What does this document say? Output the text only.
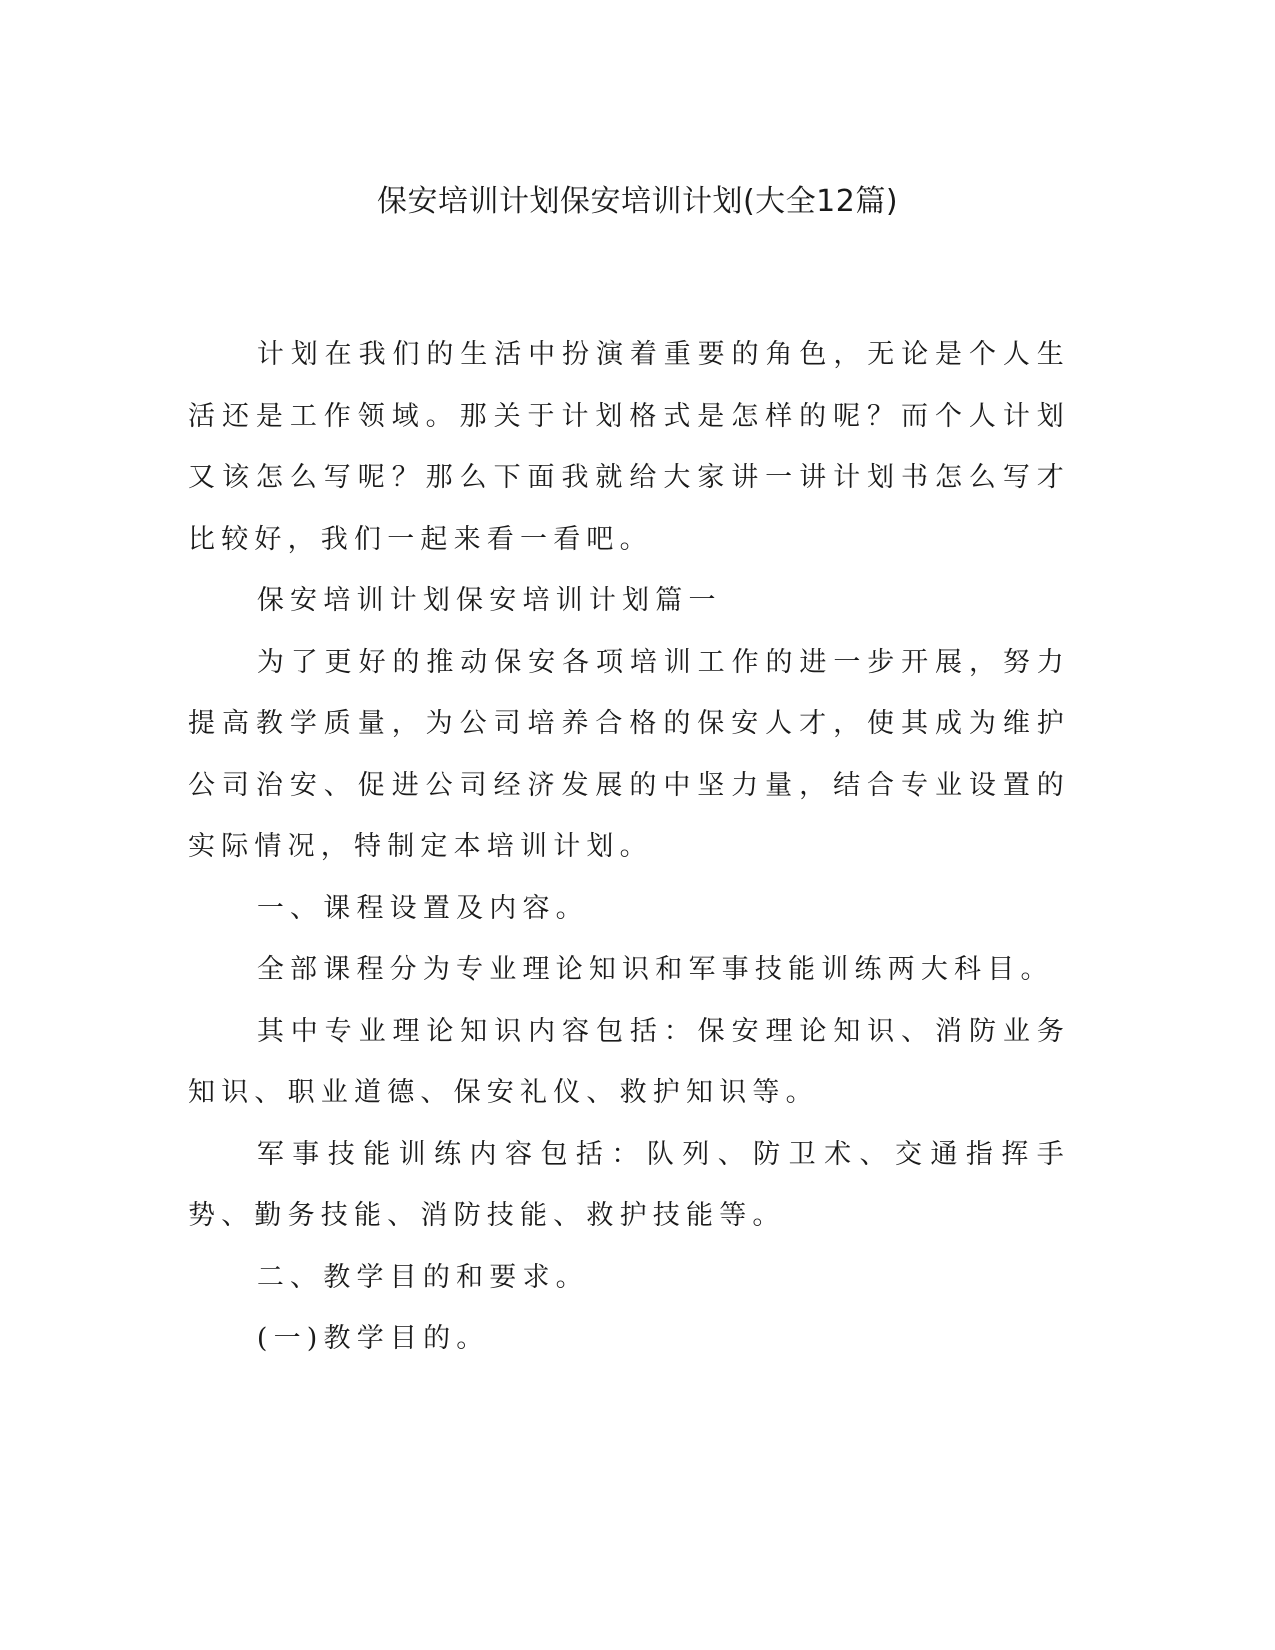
保安培训计划保安培训计划(大全12篇)

计划在我们的生活中扮演着重要的角色，无论是个人生活还是工作领域。那关于计划格式是怎样的呢？而个人计划又该怎么写呢？那么下面我就给大家讲一讲计划书怎么写才比较好，我们一起来看一看吧。

保安培训计划保安培训计划篇一

为了更好的推动保安各项培训工作的进一步开展，努力提高教学质量，为公司培养合格的保安人才，使其成为维护公司治安、促进公司经济发展的中坚力量，结合专业设置的实际情况，特制定本培训计划。

一、课程设置及内容。

全部课程分为专业理论知识和军事技能训练两大科目。

其中专业理论知识内容包括：保安理论知识、消防业务知识、职业道德、保安礼仪、救护知识等。

军事技能训练内容包括：队列、防卫术、交通指挥手势、勤务技能、消防技能、救护技能等。

二、教学目的和要求。

(一)教学目的。
